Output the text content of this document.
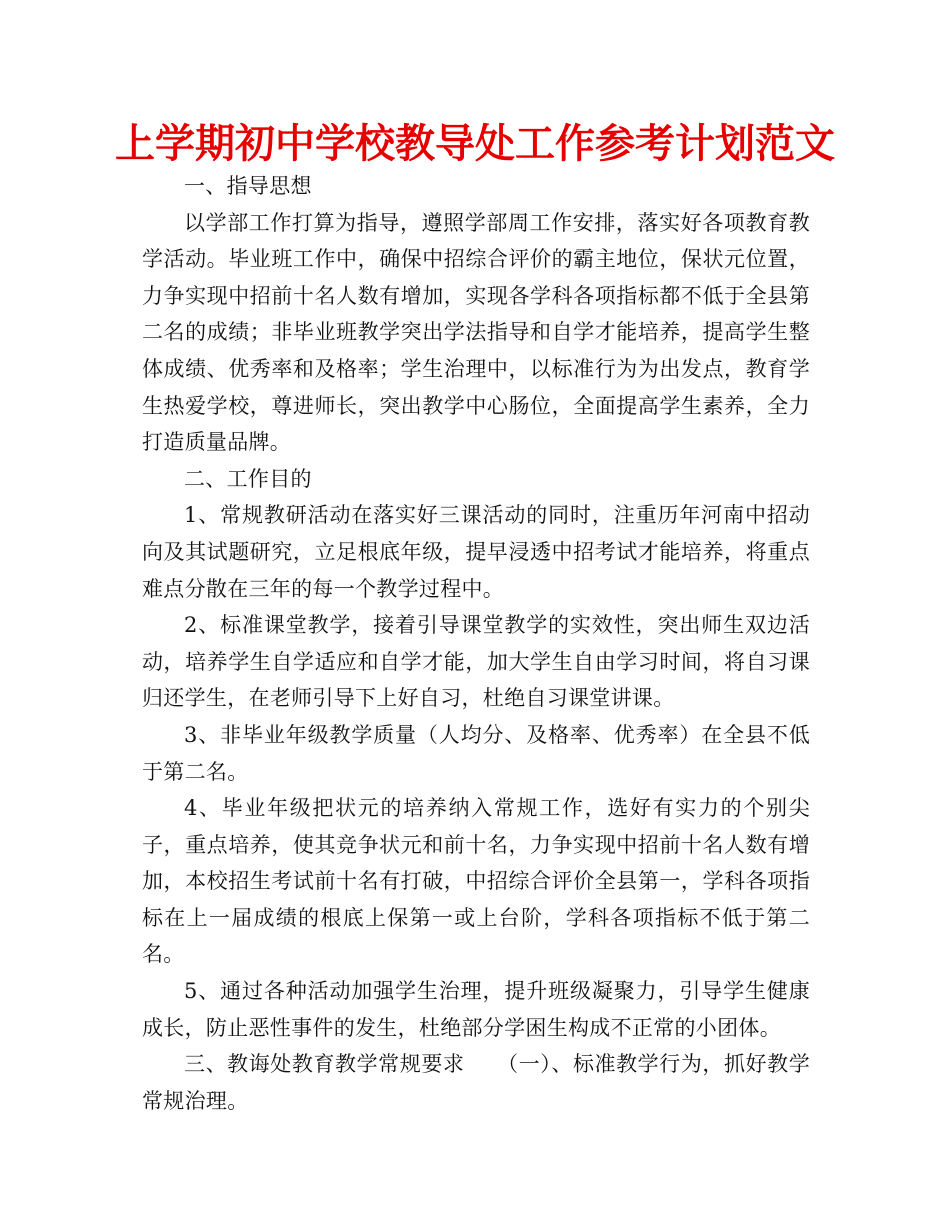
上学期初中学校教导处工作参考计划范文

一、指导思想

以学部工作打算为指导，遵照学部周工作安排，落实好各项教育教学活动。毕业班工作中，确保中招综合评价的霸主地位，保状元位置，力争实现中招前十名人数有增加，实现各学科各项指标都不低于全县第二名的成绩；非毕业班教学突出学法指导和自学才能培养，提高学生整体成绩、优秀率和及格率；学生治理中，以标准行为为出发点，教育学生热爱学校，尊进师长，突出教学中心肠位，全面提高学生素养，全力打造质量品牌。

二、工作目的

1、常规教研活动在落实好三课活动的同时，注重历年河南中招动向及其试题研究，立足根底年级，提早浸透中招考试才能培养，将重点难点分散在三年的每一个教学过程中。

2、标准课堂教学，接着引导课堂教学的实效性，突出师生双边活动，培养学生自学适应和自学才能，加大学生自由学习时间，将自习课归还学生，在老师引导下上好自习，杜绝自习课堂讲课。

3、非毕业年级教学质量（人均分、及格率、优秀率）在全县不低于第二名。

4、毕业年级把状元的培养纳入常规工作，选好有实力的个别尖子，重点培养，使其竞争状元和前十名，力争实现中招前十名人数有增加，本校招生考试前十名有打破，中招综合评价全县第一，学科各项指标在上一届成绩的根底上保第一或上台阶，学科各项指标不低于第二名。

5、通过各种活动加强学生治理，提升班级凝聚力，引导学生健康成长，防止恶性事件的发生，杜绝部分学困生构成不正常的小团体。

三、教诲处教育教学常规要求　　（一）、标准教学行为，抓好教学常规治理。
